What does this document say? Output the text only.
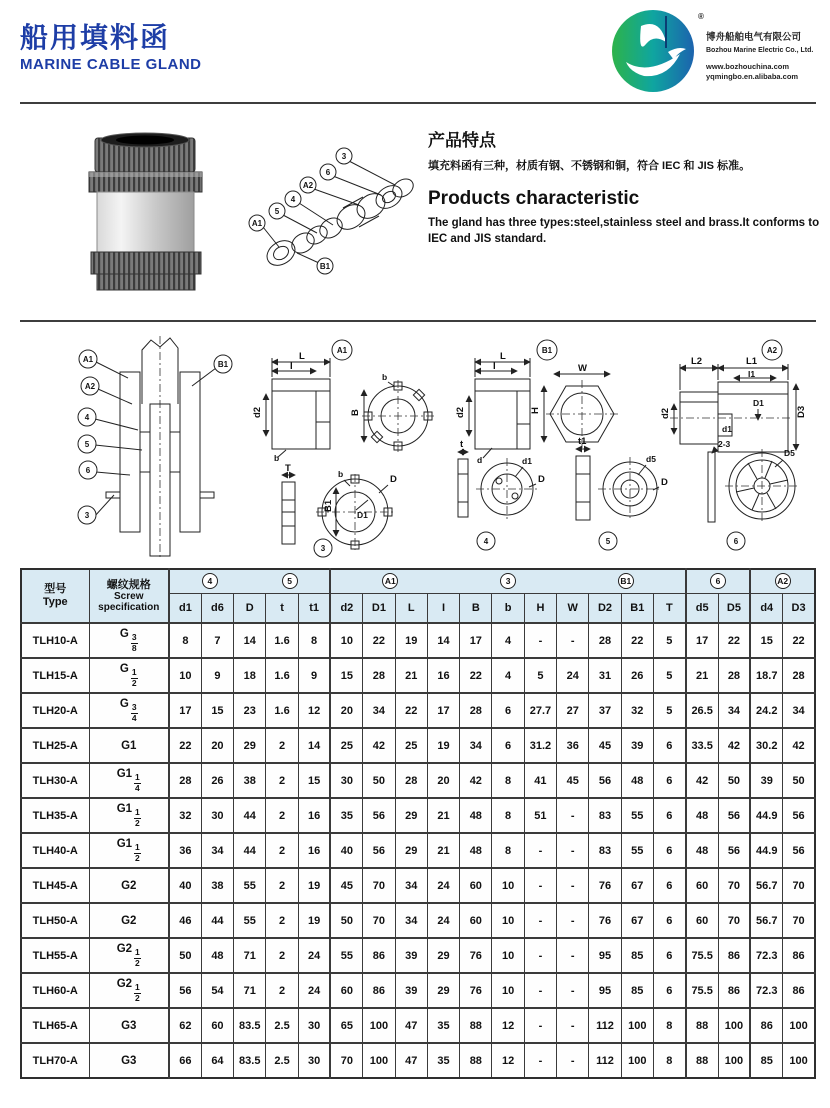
船用填料函
MARINE CABLE GLAND
®
博舟船舶电气有限公司
Bozhou Marine Electric Co., Ltd.
www.bozhouchina.com
yqmingbo.en.alibaba.com
3
6
A2
4
5
A1
B1
产品特点

填充料函有三种，材质有钢、不锈钢和铜，符合 IEC 和 JIS 标准。

Products characteristic

The gland has three types:steel,stainless steel and brass.It conforms to IEC and JIS standard.

A1
A2
4
5
6
3
B1
A1
L
I
d2
b
b
B
T	b	D
B1
D1
3
B1
L
I
d2
d
W
H
A2
L2	L1
I1
d2
d1
D1
D3
t
d1
D
4
t1
d5
D
5
2-3
D5
6
型号
Type

螺纹规格
Screw specification

4	5	A1	3	B1	6	A2

		d1	d6	D	t	t1	d2	D1	L	I	B	b	H	W	D2	B1	T	d5	D5	d4	D3
TLH10-A	G $\frac{3}{8}$	8	7	14	1.6	8	10	22	19	14	17	4	-	-	28	22	5	17	22	15	22
TLH15-A	G $\frac{1}{2}$	10	9	18	1.6	9	15	28	21	16	22	4	5	24	31	26	5	21	28	18.7	28
TLH20-A	G $\frac{3}{4}$	17	15	23	1.6	12	20	34	22	17	28	6	27.7	27	37	32	5	26.5	34	24.2	34
TLH25-A	G1	22	20	29	2	14	25	42	25	19	34	6	31.2	36	45	39	6	33.5	42	30.2	42
TLH30-A	$G1 \frac{1}{4}$	28	26	38	2	15	30	50	28	20	42	8	41	45	56	48	6	42	50	39	50
TLH35-A	$G1 \frac{1}{2}$	32	30	44	2	16	35	56	29	21	48	8	51	-	83	55	6	48	56	44.9	56
TLH40-A	$G1 \frac{1}{2}$	36	34	44	2	16	40	56	29	21	48	8	-	-	83	55	6	48	56	44.9	56
TLH45-A	G2	40	38	55	2	19	45	70	34	24	60	10	-	-	76	67	6	60	70	56.7	70
TLH50-A	G2	46	44	55	2	19	50	70	34	24	60	10	-	-	76	67	6	60	70	56.7	70
TLH55-A	$G2 \frac{1}{2}$	50	48	71	2	24	55	86	39	29	76	10	-	-	95	85	6	75.5	86	72.3	86
TLH60-A	$G2 \frac{1}{2}$	56	54	71	2	24	60	86	39	29	76	10	-	-	95	85	6	75.5	86	72.3	86
TLH65-A	G3	62	60	83.5	2.5	30	65	100	47	35	88	12	-	-	112	100	8	88	100	86	100
TLH70-A	G3	66	64	83.5	2.5	30	70	100	47	35	88	12	-	-	112	100	8	88	100	85	100
